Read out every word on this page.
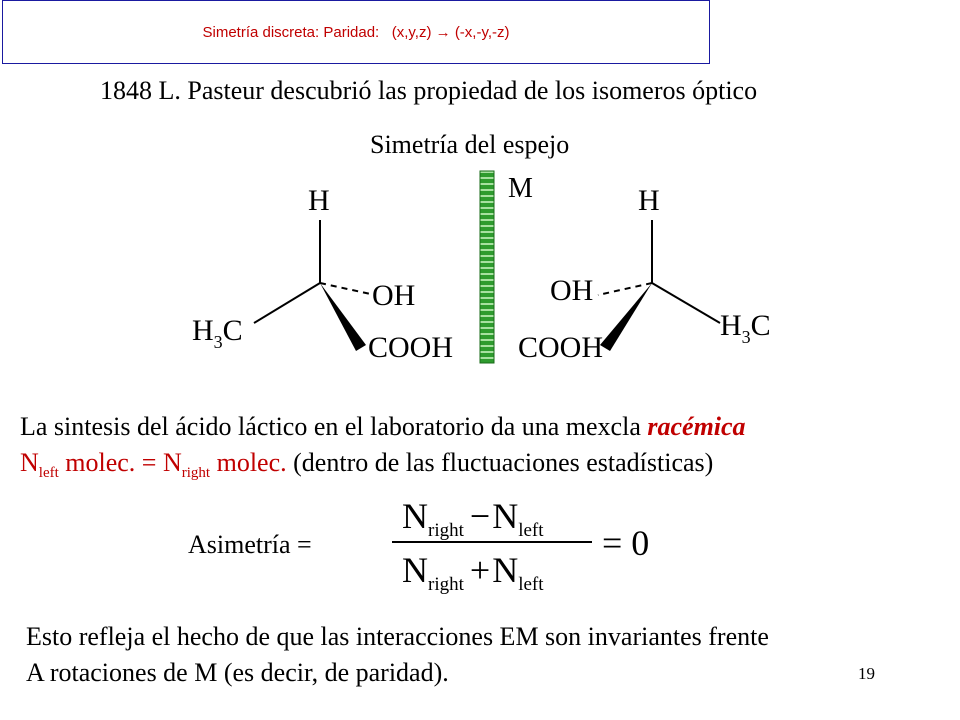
Simetría discreta: Paridad: (x,y,z) → (-x,-y,-z)
1848 L. Pasteur descubrió las propiedad de los isomeros óptico
Simetría del espejo
H
OH
$H_3C$
COOH
M	H
OH
$H_3C$
COOH
La sintesis del ácido láctico en el laboratorio da una mexcla racémica
$N_{left}$ molec. = $N_{right}$ molec. (dentro de las fluctuaciones estadísticas)
Asimetría =
$N_{right} -N_{left}$
$N_{right} +N_{left}$
= 0
Esto refleja el hecho de que las interacciones EM son invariantes frente
A rotaciones de M (es decir, de paridad).	19
